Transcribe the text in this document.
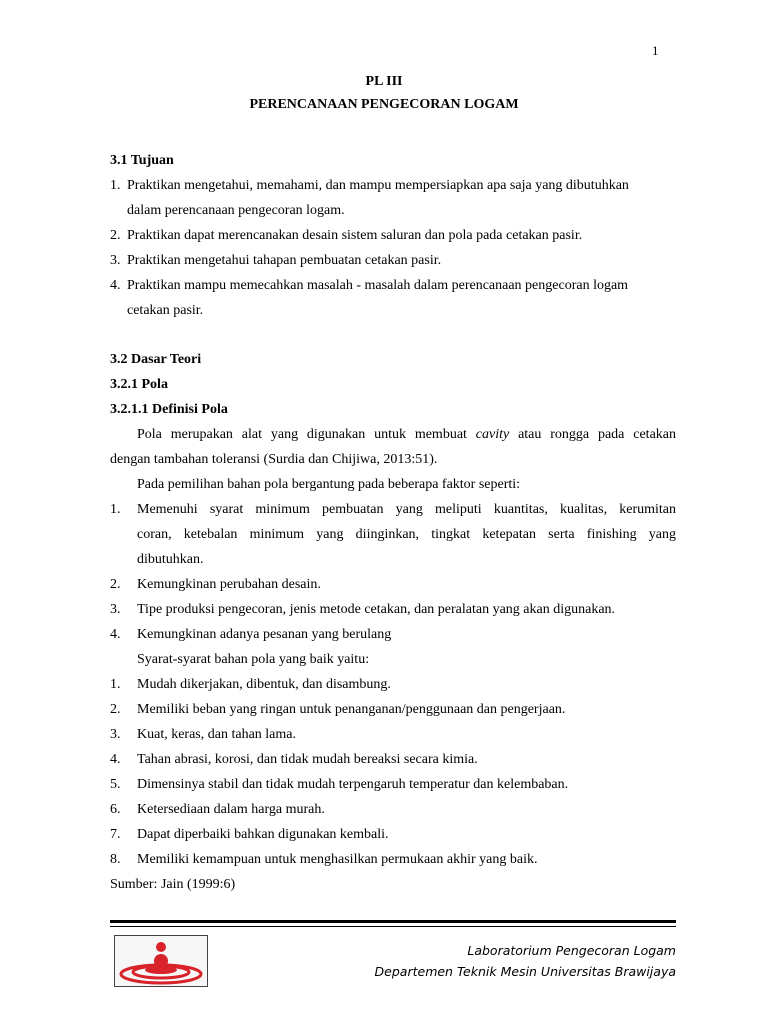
1
PL III
PERENCANAAN PENGECORAN LOGAM
3.1 Tujuan
1. Praktikan mengetahui, memahami, dan mampu mempersiapkan apa saja yang dibutuhkan
dalam perencanaan pengecoran logam.
2. Praktikan dapat merencanakan desain sistem saluran dan pola pada cetakan pasir.
3. Praktikan mengetahui tahapan pembuatan cetakan pasir.
4. Praktikan mampu memecahkan masalah - masalah dalam perencanaan pengecoran logam
cetakan pasir.
3.2 Dasar Teori
3.2.1 Pola
3.2.1.1 Definisi Pola
Pola merupakan alat yang digunakan untuk membuat cavity atau rongga pada cetakan
dengan tambahan toleransi (Surdia dan Chijiwa, 2013:51).
Pada pemilihan bahan pola bergantung pada beberapa faktor seperti:
1.	Memenuhi syarat minimum pembuatan yang meliputi kuantitas, kualitas, kerumitan
coran, ketebalan minimum yang diinginkan, tingkat ketepatan serta finishing yang
dibutuhkan.
2.	Kemungkinan perubahan desain.
3.	Tipe produksi pengecoran, jenis metode cetakan, dan peralatan yang akan digunakan.
4.	Kemungkinan adanya pesanan yang berulang
Syarat-syarat bahan pola yang baik yaitu:
1.	Mudah dikerjakan, dibentuk, dan disambung.
2.	Memiliki beban yang ringan untuk penanganan/penggunaan dan pengerjaan.
3.	Kuat, keras, dan tahan lama.
4.	Tahan abrasi, korosi, dan tidak mudah bereaksi secara kimia.
5.	Dimensinya stabil dan tidak mudah terpengaruh temperatur dan kelembaban.
6.	Ketersediaan dalam harga murah.
7.	Dapat diperbaiki bahkan digunakan kembali.
8.	Memiliki kemampuan untuk menghasilkan permukaan akhir yang baik.
Sumber: Jain (1999:6)
Laboratorium Pengecoran Logam
Departemen Teknik Mesin Universitas Brawijaya
